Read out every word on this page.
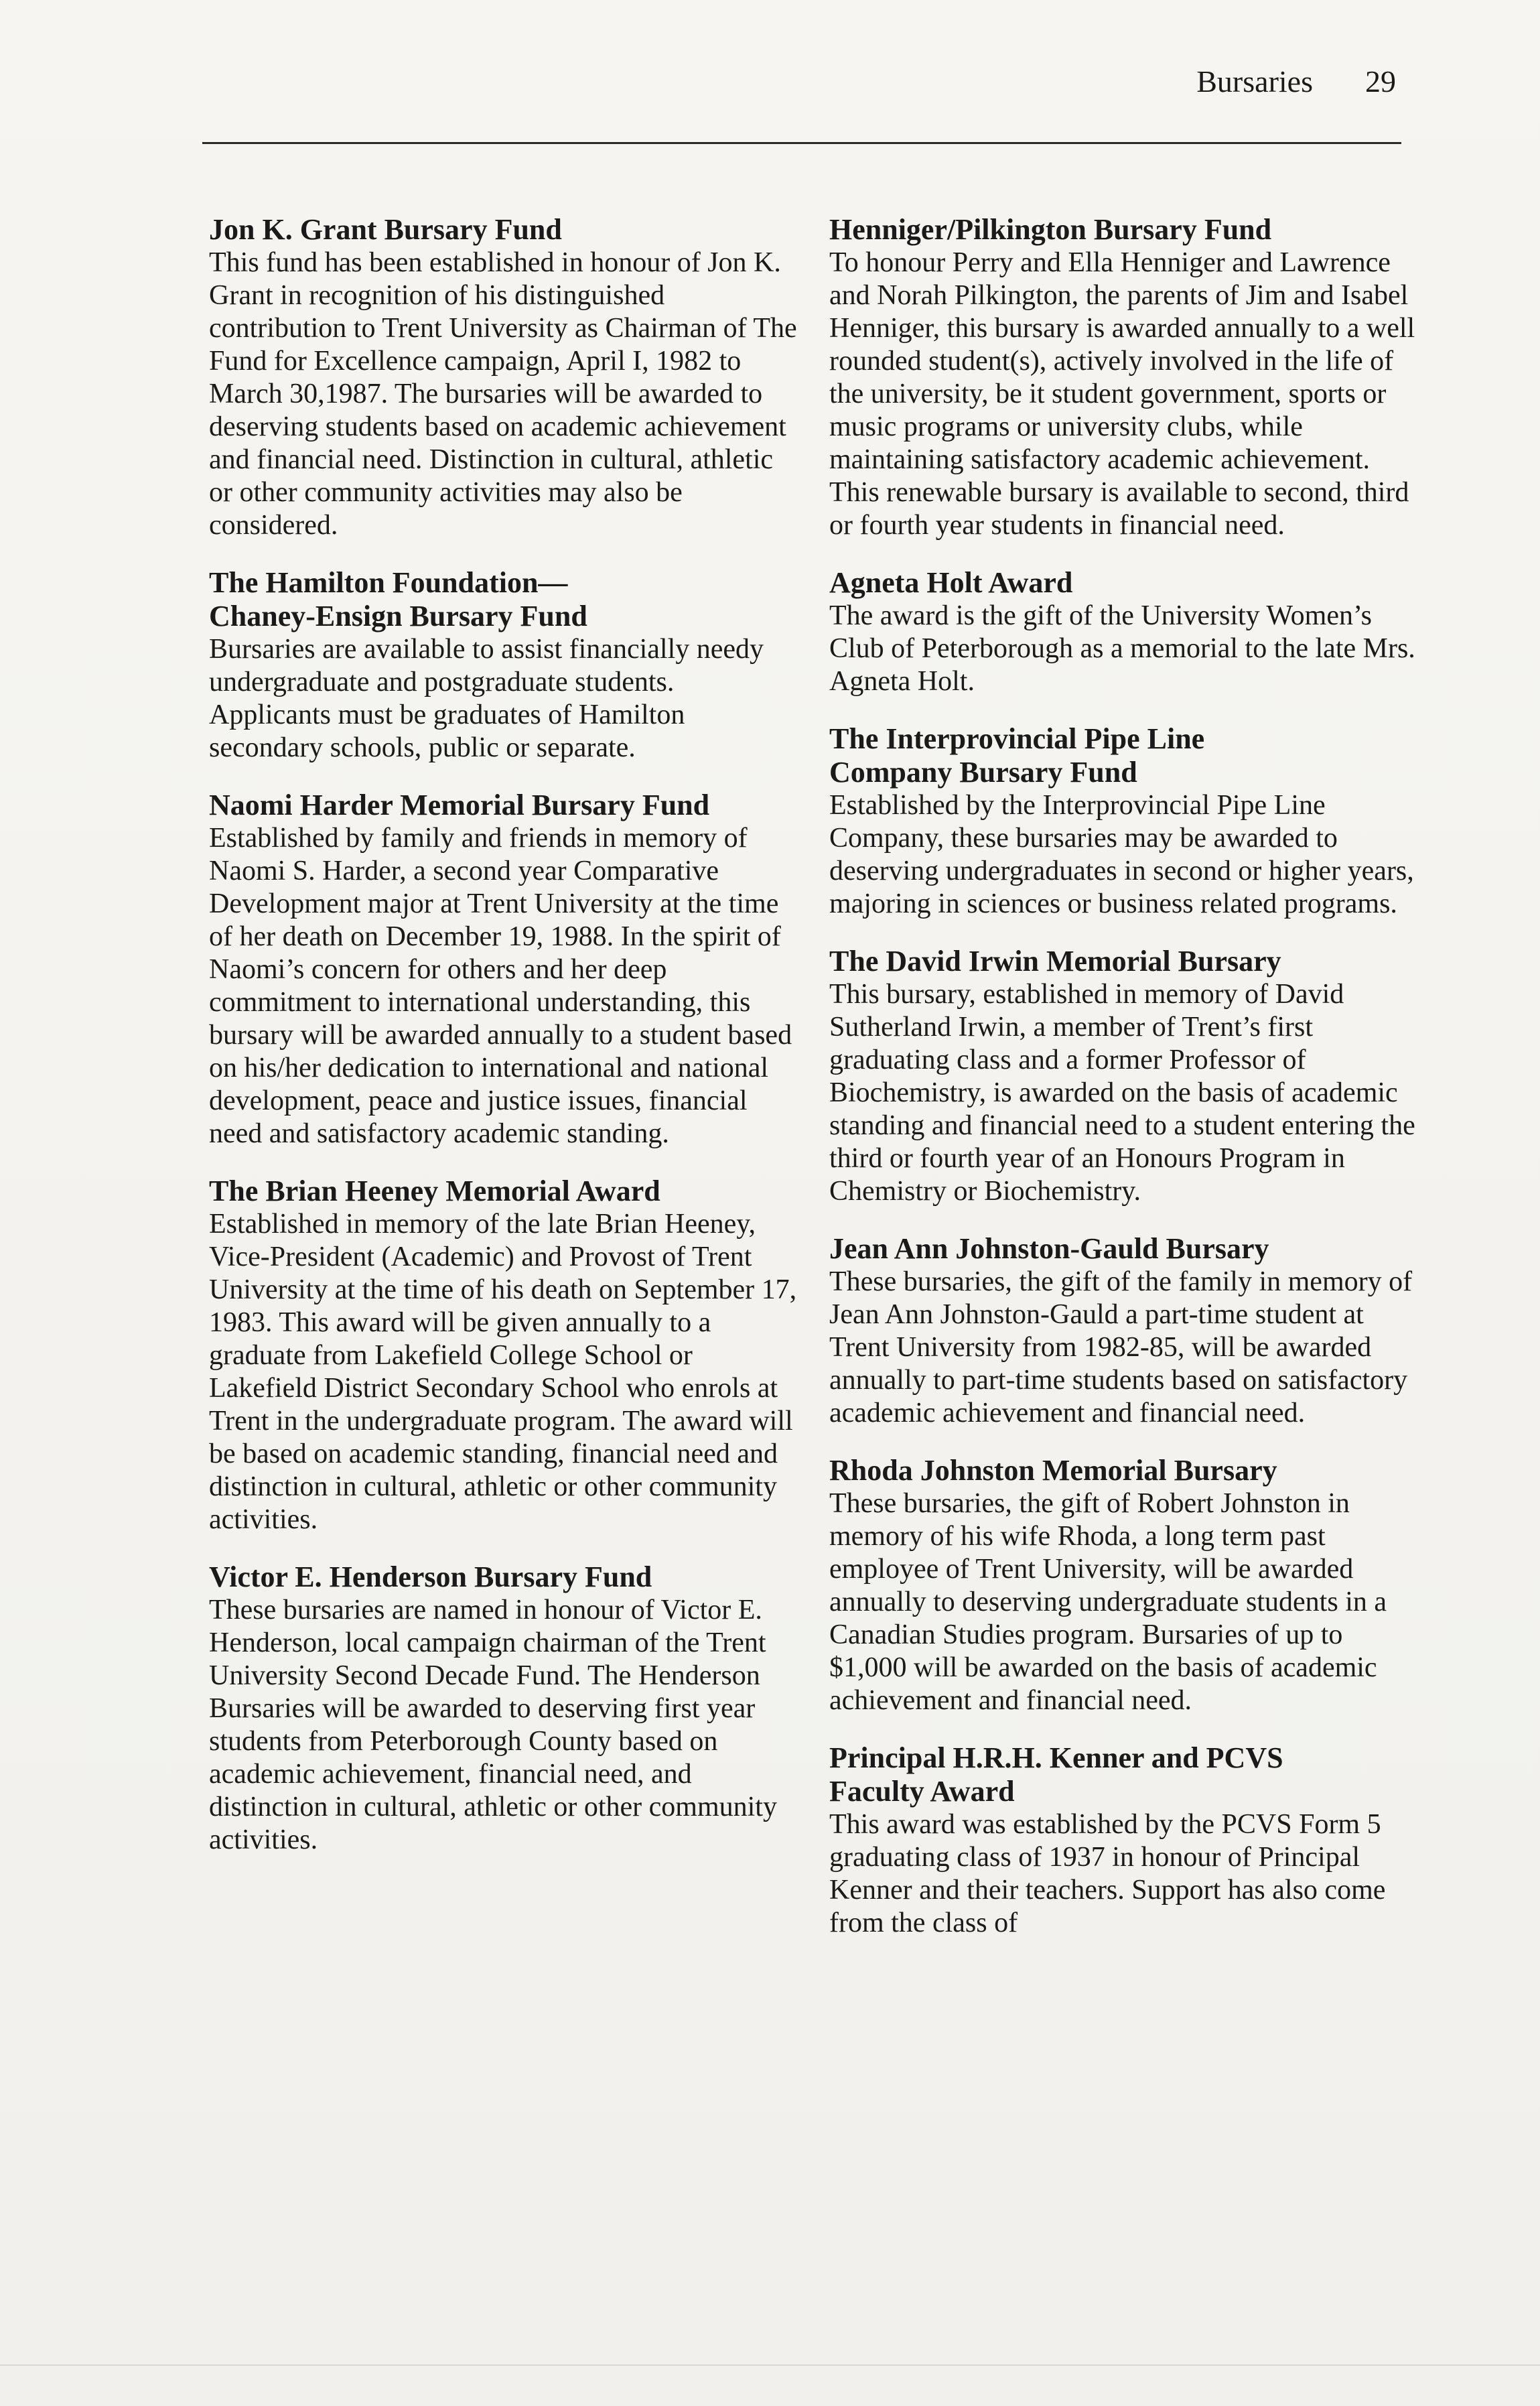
Bursaries 29
Jon K. Grant Bursary Fund

This fund has been established in honour of Jon K. Grant in recognition of his distinguished contribution to Trent University as Chairman of The Fund for Excellence campaign, April I, 1982 to March 30,1987. The bursaries will be awarded to deserving students based on academic achievement and financial need. Distinction in cultural, athletic or other community activities may also be considered.

The Hamilton Foundation—
Chaney-Ensign Bursary Fund

Bursaries are available to assist financially needy undergraduate and postgraduate students. Applicants must be graduates of Hamilton secondary schools, public or separate.

Naomi Harder Memorial Bursary Fund

Established by family and friends in memory of Naomi S. Harder, a second year Comparative Development major at Trent University at the time of her death on December 19, 1988. In the spirit of Naomi’s concern for others and her deep commitment to international understanding, this bursary will be awarded annually to a student based on his/her dedication to international and national development, peace and justice issues, financial need and satisfactory academic standing.

The Brian Heeney Memorial Award

Established in memory of the late Brian Heeney, Vice-President (Academic) and Provost of Trent University at the time of his death on September 17, 1983. This award will be given annually to a graduate from Lakefield College School or Lakefield District Secondary School who enrols at Trent in the undergraduate program. The award will be based on academic standing, financial need and distinction in cultural, athletic or other community activities.

Victor E. Henderson Bursary Fund

These bursaries are named in honour of Victor E. Henderson, local campaign chairman of the Trent University Second Decade Fund. The Henderson Bursaries will be awarded to deserving first year students from Peterborough County based on academic achievement, financial need, and distinction in cultural, athletic or other community activities.

Henniger/Pilkington Bursary Fund

To honour Perry and Ella Henniger and Lawrence and Norah Pilkington, the parents of Jim and Isabel Henniger, this bursary is awarded annually to a well rounded student(s), actively involved in the life of the university, be it student government, sports or music programs or university clubs, while maintaining satisfactory academic achievement. This renewable bursary is available to second, third or fourth year students in financial need.

Agneta Holt Award

The award is the gift of the University Women’s Club of Peterborough as a memorial to the late Mrs. Agneta Holt.

The Interprovincial Pipe Line
Company Bursary Fund

Established by the Interprovincial Pipe Line Company, these bursaries may be awarded to deserving undergraduates in second or higher years, majoring in sciences or business related programs.

The David Irwin Memorial Bursary

This bursary, established in memory of David Sutherland Irwin, a member of Trent’s first graduating class and a former Professor of Biochemistry, is awarded on the basis of academic standing and financial need to a student entering the third or fourth year of an Honours Program in Chemistry or Biochemistry.

Jean Ann Johnston-Gauld Bursary

These bursaries, the gift of the family in memory of Jean Ann Johnston-Gauld a part-time student at Trent University from 1982-85, will be awarded annually to part-time students based on satisfactory academic achievement and financial need.

Rhoda Johnston Memorial Bursary

These bursaries, the gift of Robert Johnston in memory of his wife Rhoda, a long term past employee of Trent University, will be awarded annually to deserving undergraduate students in a Canadian Studies program. Bursaries of up to $1,000 will be awarded on the basis of academic achievement and financial need.

Principal H.R.H. Kenner and PCVS
Faculty Award

This award was established by the PCVS Form 5 graduating class of 1937 in honour of Principal Kenner and their teachers. Support has also come from the class of
